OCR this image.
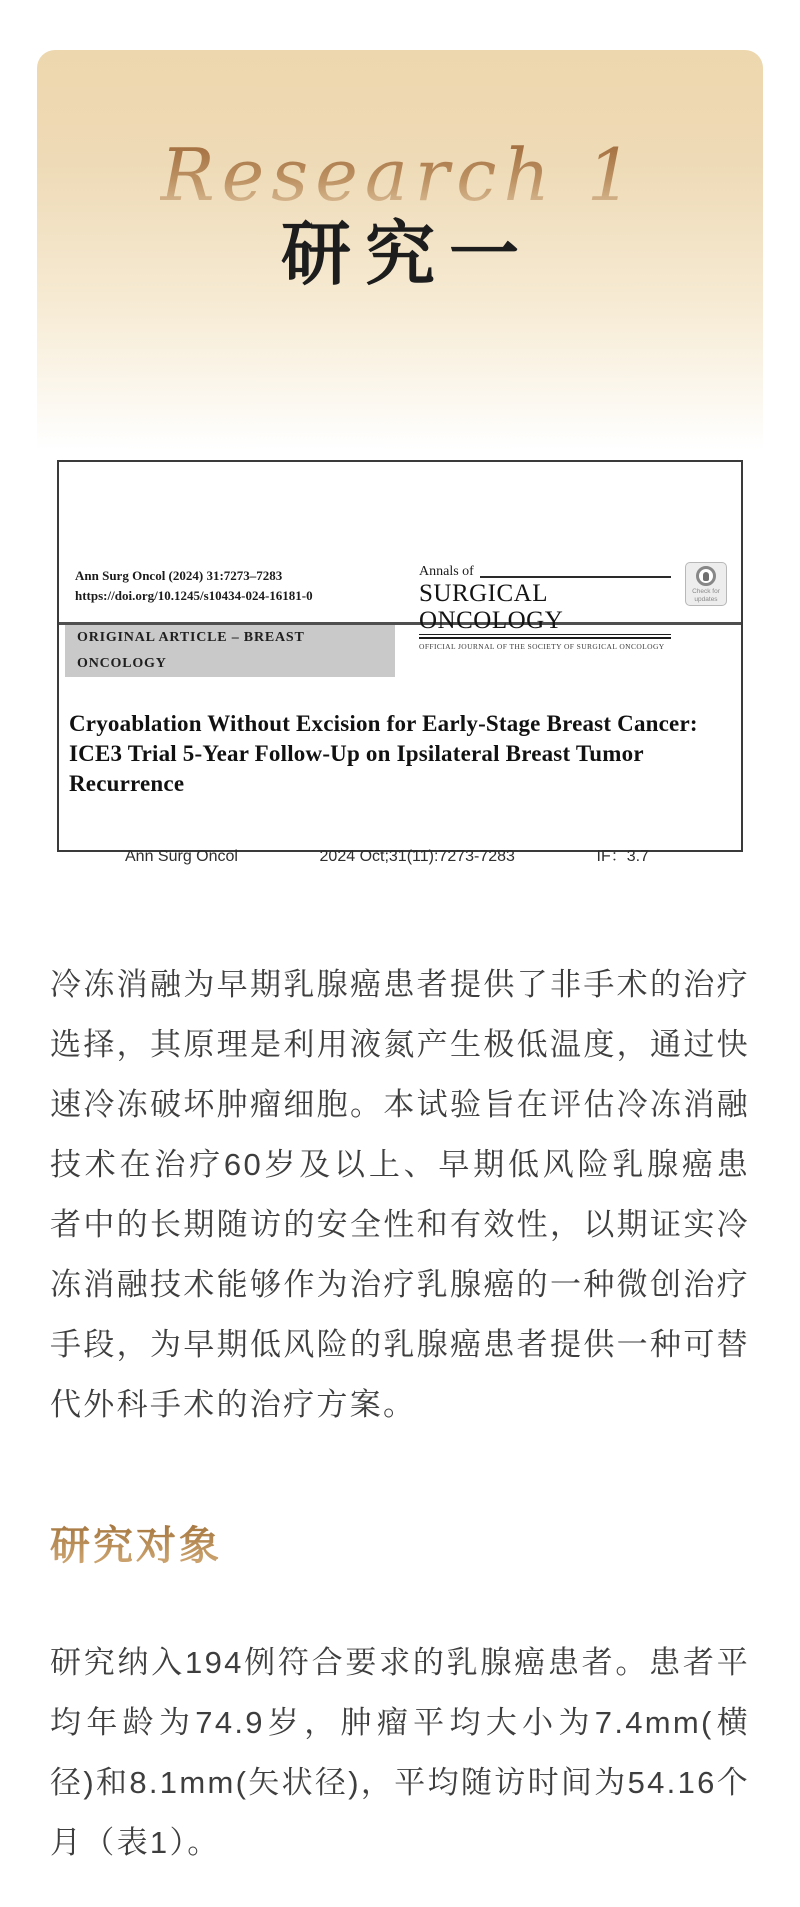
Research 1
研究一
Ann Surg Oncol (2024) 31:7273–7283
https://doi.org/10.1245/s10434-024-16181-0
Annals of
SURGICAL ONCOLOGY
OFFICIAL JOURNAL OF THE SOCIETY OF SURGICAL ONCOLOGY
Check for
updates
ORIGINAL ARTICLE – BREAST ONCOLOGY
Cryoablation Without Excision for Early-Stage Breast Cancer: ICE3 Trial 5-Year Follow-Up on Ipsilateral Breast Tumor Recurrence
Ann Surg Oncol	2024 Oct;31(11):7273-7283	IF：3.7

冷冻消融为早期乳腺癌患者提供了非手术的治疗选择，其原理是利用液氮产生极低温度，通过快速冷冻破坏肿瘤细胞。本试验旨在评估冷冻消融技术在治疗60岁及以上、早期低风险乳腺癌患者中的长期随访的安全性和有效性，以期证实冷冻消融技术能够作为治疗乳腺癌的一种微创治疗手段，为早期低风险的乳腺癌患者提供一种可替代外科手术的治疗方案。

研究对象

研究纳入194例符合要求的乳腺癌患者。患者平均年龄为74.9岁，肿瘤平均大小为7.4mm(横径)和8.1mm(矢状径)，平均随访时间为54.16个月（表1）。
